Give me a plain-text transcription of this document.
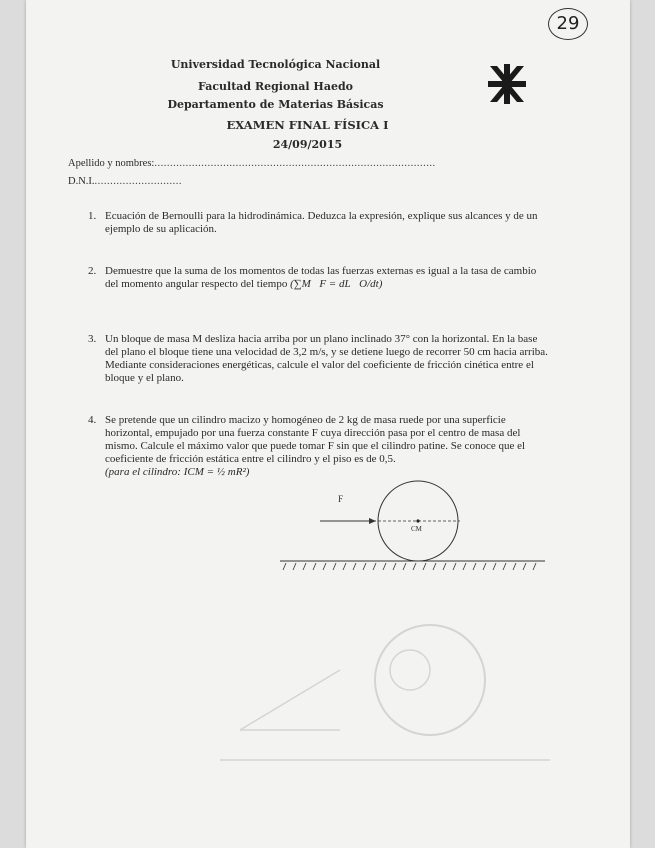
29
Universidad Tecnológica Nacional
Facultad Regional Haedo
Departamento de Materias Básicas
EXAMEN FINAL FÍSICA I
24/09/2015
Apellido y nombres:..........................................................................................
D.N.I.............................
1. Ecuación de Bernoulli para la hidrodinámica. Deduzca la expresión, explique sus alcances y de un ejemplo de su aplicación.
2. Demuestre que la suma de los momentos de todas las fuerzas externas es igual a la tasa de cambio del momento angular respecto del tiempo (∑M⃗F = dL⃗O/dt)
3. Un bloque de masa M desliza hacia arriba por un plano inclinado 37° con la horizontal. En la base del plano el bloque tiene una velocidad de 3,2 m/s, y se detiene luego de recorrer 50 cm hacia arriba. Mediante consideraciones energéticas, calcule el valor del coeficiente de fricción cinética entre el bloque y el plano.
4. Se pretende que un cilindro macizo y homogéneo de 2 kg de masa ruede por una superficie horizontal, empujado por una fuerza constante F cuya dirección pasa por el centro de masa del mismo. Calcule el máximo valor que puede tomar F sin que el cilindro patine. Se conoce que el coeficiente de fricción estática entre el cilindro y el piso es de 0,5.
(para el cilindro: ICM = ½ mR²)
F
CM
